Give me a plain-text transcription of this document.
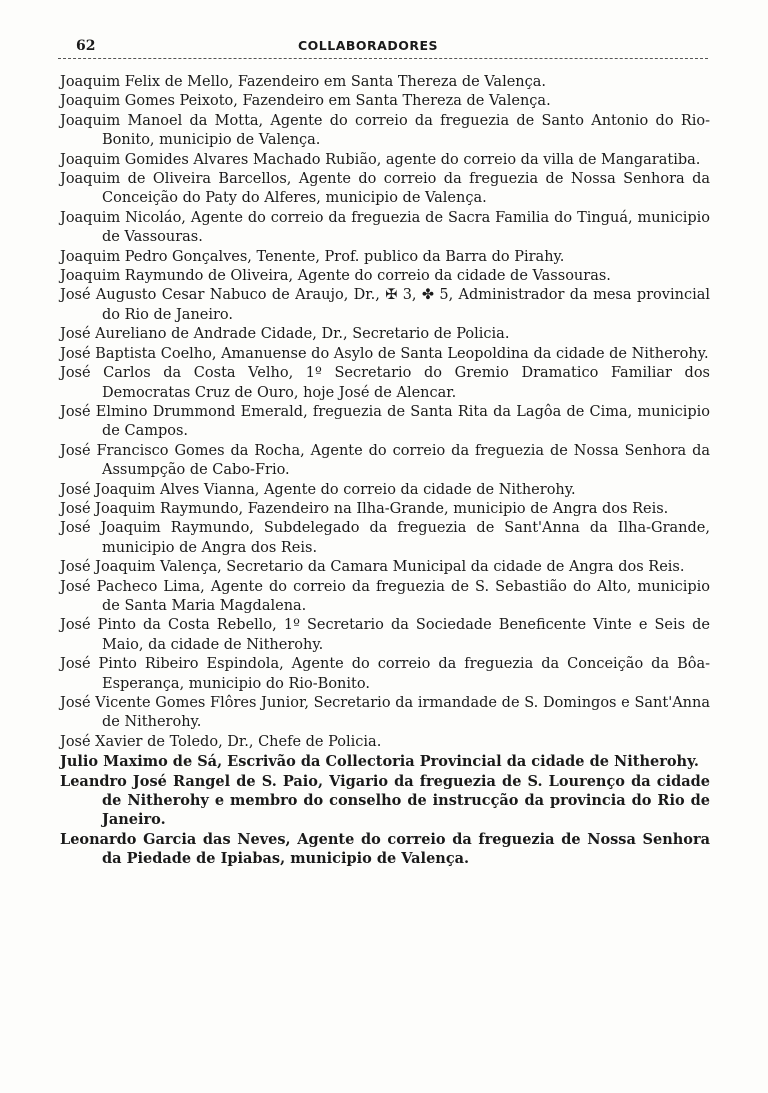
62	COLLABORADORES

Joaquim Felix de Mello, Fazendeiro em Santa Thereza de Valença.

Joaquim Gomes Peixoto, Fazendeiro em Santa Thereza de Valença.

Joaquim Manoel da Motta, Agente do correio da freguezia de Santo Antonio do Rio-Bonito, municipio de Valença.

Joaquim Gomides Alvares Machado Rubião, agente do correio da villa de Mangaratiba.

Joaquim de Oliveira Barcellos, Agente do correio da freguezia de Nossa Senhora da Conceição do Paty do Alferes, municipio de Valença.

Joaquim Nicoláo, Agente do correio da freguezia de Sacra Familia do Tinguá, municipio de Vassouras.

Joaquim Pedro Gonçalves, Tenente, Prof. publico da Barra do Pirahy.

Joaquim Raymundo de Oliveira, Agente do correio da cidade de Vassouras.

José Augusto Cesar Nabuco de Araujo, Dr., ✠ 3, ✤ 5, Administrador da mesa provincial do Rio de Janeiro.

José Aureliano de Andrade Cidade, Dr., Secretario de Policia.

José Baptista Coelho, Amanuense do Asylo de Santa Leopoldina da cidade de Nitherohy.

José Carlos da Costa Velho, 1º Secretario do Gremio Dramatico Familiar dos Democratas Cruz de Ouro, hoje José de Alencar.

José Elmino Drummond Emerald, freguezia de Santa Rita da Lagôa de Cima, municipio de Campos.

José Francisco Gomes da Rocha, Agente do correio da freguezia de Nossa Senhora da Assumpção de Cabo-Frio.

José Joaquim Alves Vianna, Agente do correio da cidade de Nitherohy.

José Joaquim Raymundo, Fazendeiro na Ilha-Grande, municipio de Angra dos Reis.

José Joaquim Raymundo, Subdelegado da freguezia de Sant'Anna da Ilha-Grande, municipio de Angra dos Reis.

José Joaquim Valença, Secretario da Camara Municipal da cidade de Angra dos Reis.

José Pacheco Lima, Agente do correio da freguezia de S. Sebastião do Alto, municipio de Santa Maria Magdalena.

José Pinto da Costa Rebello, 1º Secretario da Sociedade Beneficente Vinte e Seis de Maio, da cidade de Nitherohy.

José Pinto Ribeiro Espindola, Agente do correio da freguezia da Conceição da Bôa-Esperança, municipio do Rio-Bonito.

José Vicente Gomes Flôres Junior, Secretario da irmandade de S. Domingos e Sant'Anna de Nitherohy.

José Xavier de Toledo, Dr., Chefe de Policia.

Julio Maximo de Sá, Escrivão da Collectoria Provincial da cidade de Nitherohy.

Leandro José Rangel de S. Paio, Vigario da freguezia de S. Lourenço da cidade de Nitherohy e membro do conselho de instrucção da provincia do Rio de Janeiro.

Leonardo Garcia das Neves, Agente do correio da freguezia de Nossa Senhora da Piedade de Ipiabas, municipio de Valença.
